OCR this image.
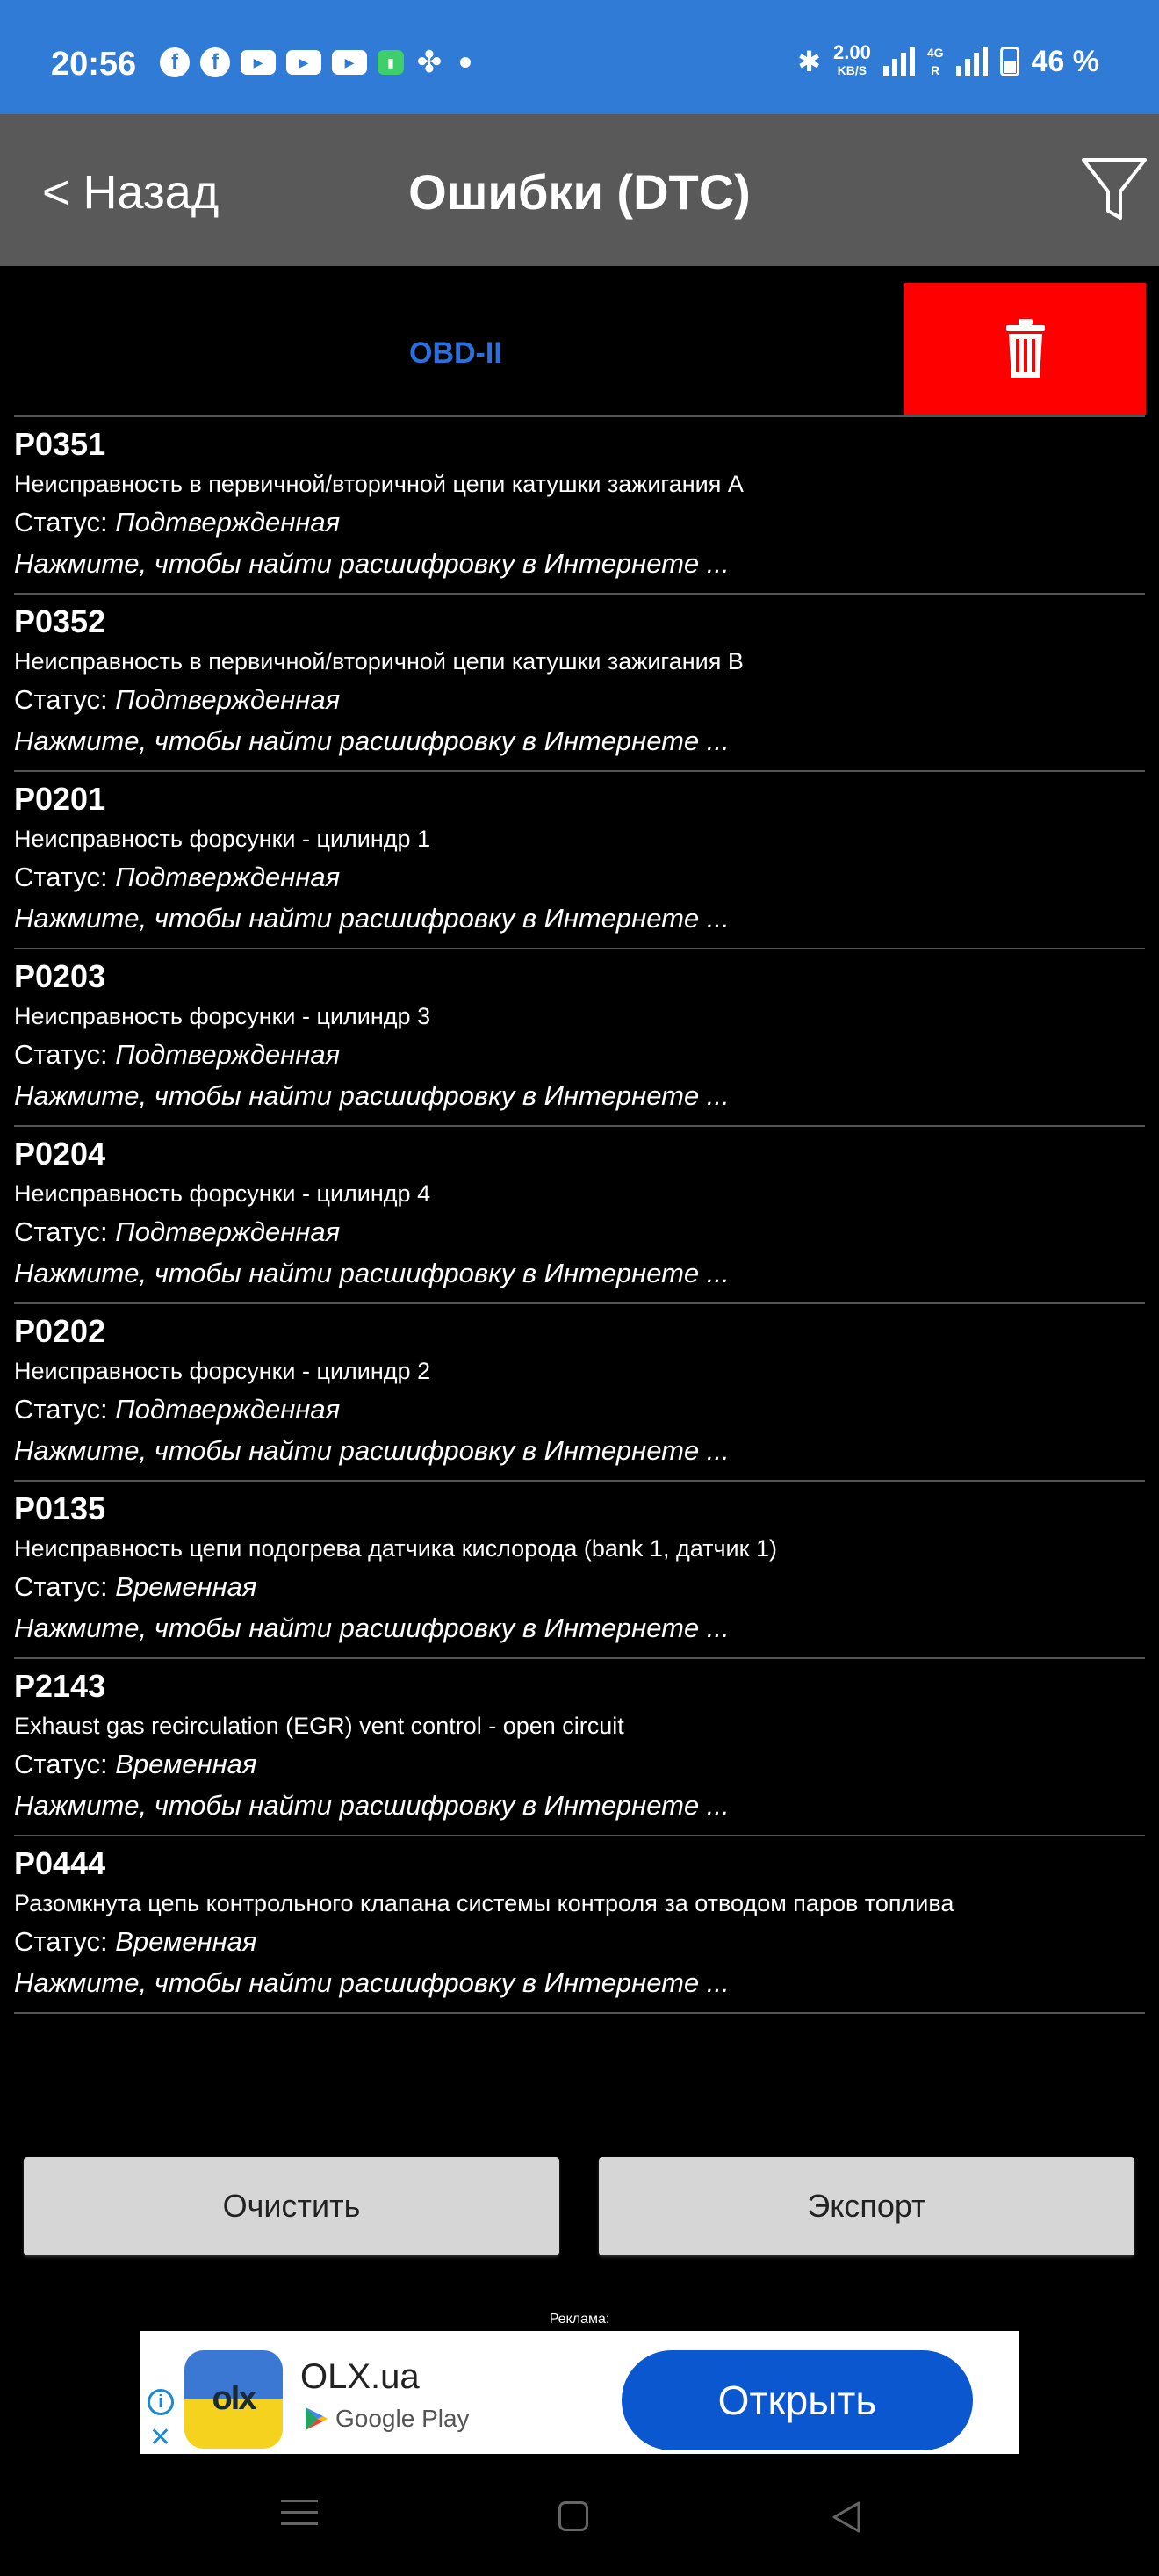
20:56	f	f	▶	▶	▶	▮ ✤	✱ 2.00
KB/S
4G
R	46 %
Ошибки (DTC)
< Назад
OBD-II
P0351
Неисправность в первичной/вторичной цепи катушки зажигания A
Статус: Подтвержденная
Нажмите, чтобы найти расшифровку в Интернете ...
P0352
Неисправность в первичной/вторичной цепи катушки зажигания B
Статус: Подтвержденная
Нажмите, чтобы найти расшифровку в Интернете ...
P0201
Неисправность форсунки - цилиндр 1
Статус: Подтвержденная
Нажмите, чтобы найти расшифровку в Интернете ...
P0203
Неисправность форсунки - цилиндр 3
Статус: Подтвержденная
Нажмите, чтобы найти расшифровку в Интернете ...
P0204
Неисправность форсунки - цилиндр 4
Статус: Подтвержденная
Нажмите, чтобы найти расшифровку в Интернете ...
P0202
Неисправность форсунки - цилиндр 2
Статус: Подтвержденная
Нажмите, чтобы найти расшифровку в Интернете ...
P0135
Неисправность цепи подогрева датчика кислорода (bank 1, датчик 1)
Статус: Временная
Нажмите, чтобы найти расшифровку в Интернете ...
P2143
Exhaust gas recirculation (EGR) vent control - open circuit
Статус: Временная
Нажмите, чтобы найти расшифровку в Интернете ...
P0444
Разомкнута цепь контрольного клапана системы контроля за отводом паров топлива
Статус: Временная
Нажмите, чтобы найти расшифровку в Интернете ...
Очистить	Экспорт
Реклама:
i
✕
olx
OLX.ua
Google Play	Открыть
